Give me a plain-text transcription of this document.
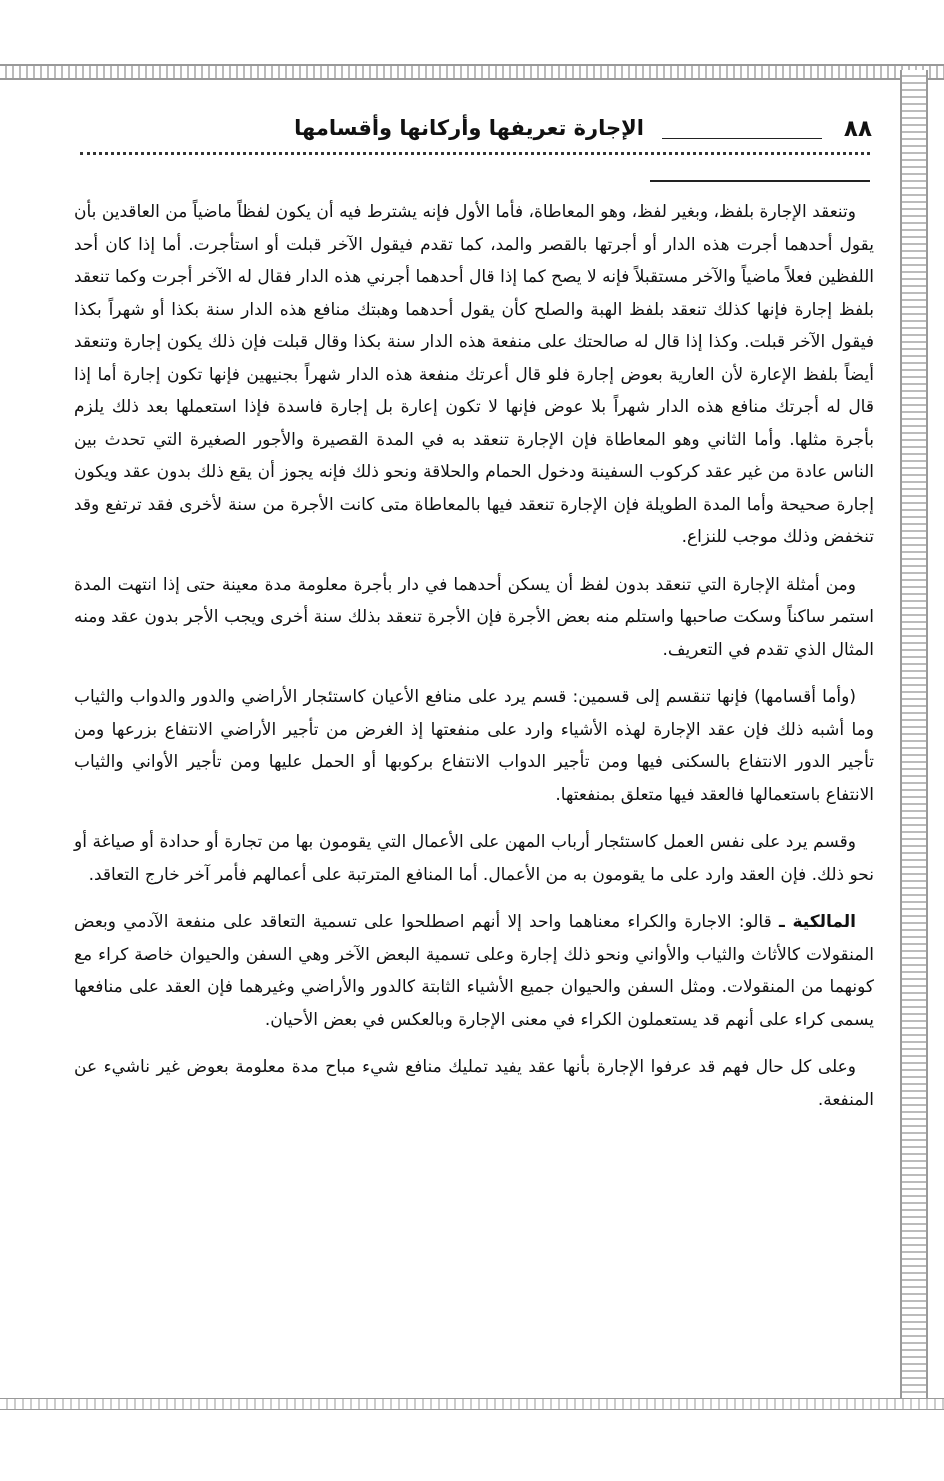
٨٨
الإجارة تعريفها وأركانها وأقسامها

وتنعقد الإجارة بلفظ، وبغير لفظ، وهو المعاطاة، فأما الأول فإنه يشترط فيه أن يكون لفظاً ماضياً من العاقدين بأن يقول أحدهما أجرت هذه الدار أو أجرتها بالقصر والمد، كما تقدم فيقول الآخر قبلت أو استأجرت. أما إذا كان أحد اللفظين فعلاً ماضياً والآخر مستقبلاً فإنه لا يصح كما إذا قال أحدهما أجرني هذه الدار فقال له الآخر أجرت وكما تنعقد بلفظ إجارة فإنها كذلك تنعقد بلفظ الهبة والصلح كأن يقول أحدهما وهبتك منافع هذه الدار سنة بكذا أو شهراً بكذا فيقول الآخر قبلت. وكذا إذا قال له صالحتك على منفعة هذه الدار سنة بكذا وقال قبلت فإن ذلك يكون إجارة وتنعقد أيضاً بلفظ الإعارة لأن العارية بعوض إجارة فلو قال أعرتك منفعة هذه الدار شهراً بجنيهين فإنها تكون إجارة أما إذا قال له أجرتك منافع هذه الدار شهراً بلا عوض فإنها لا تكون إعارة بل إجارة فاسدة فإذا استعملها بعد ذلك يلزم بأجرة مثلها. وأما الثاني وهو المعاطاة فإن الإجارة تنعقد به في المدة القصيرة والأجور الصغيرة التي تحدث بين الناس عادة من غير عقد كركوب السفينة ودخول الحمام والحلاقة ونحو ذلك فإنه يجوز أن يقع ذلك بدون عقد ويكون إجارة صحيحة وأما المدة الطويلة فإن الإجارة تنعقد فيها بالمعاطاة متى كانت الأجرة من سنة لأخرى فقد ترتفع وقد تنخفض وذلك موجب للنزاع.

ومن أمثلة الإجارة التي تنعقد بدون لفظ أن يسكن أحدهما في دار بأجرة معلومة مدة معينة حتى إذا انتهت المدة استمر ساكناً وسكت صاحبها واستلم منه بعض الأجرة فإن الأجرة تنعقد بذلك سنة أخرى ويجب الأجر بدون عقد ومنه المثال الذي تقدم في التعريف.

(وأما أقسامها) فإنها تنقسم إلى قسمين: قسم يرد على منافع الأعيان كاستئجار الأراضي والدور والدواب والثياب وما أشبه ذلك فإن عقد الإجارة لهذه الأشياء وارد على منفعتها إذ الغرض من تأجير الأراضي الانتفاع بزرعها ومن تأجير الدور الانتفاع بالسكنى فيها ومن تأجير الدواب الانتفاع بركوبها أو الحمل عليها ومن تأجير الأواني والثياب الانتفاع باستعمالها فالعقد فيها متعلق بمنفعتها.

وقسم يرد على نفس العمل كاستئجار أرباب المهن على الأعمال التي يقومون بها من تجارة أو حدادة أو صياغة أو نحو ذلك. فإن العقد وارد على ما يقومون به من الأعمال. أما المنافع المترتبة على أعمالهم فأمر آخر خارج التعاقد.

المالكية ـ قالو: الاجارة والكراء معناهما واحد إلا أنهم اصطلحوا على تسمية التعاقد على منفعة الآدمي وبعض المنقولات كالأثاث والثياب والأواني ونحو ذلك إجارة وعلى تسمية البعض الآخر وهي السفن والحيوان خاصة كراء مع كونهما من المنقولات. ومثل السفن والحيوان جميع الأشياء الثابتة كالدور والأراضي وغيرهما فإن العقد على منافعها يسمى كراء على أنهم قد يستعملون الكراء في معنى الإجارة وبالعكس في بعض الأحيان.

وعلى كل حال فهم قد عرفوا الإجارة بأنها عقد يفيد تمليك منافع شيء مباح مدة معلومة بعوض غير ناشيء عن المنفعة.
